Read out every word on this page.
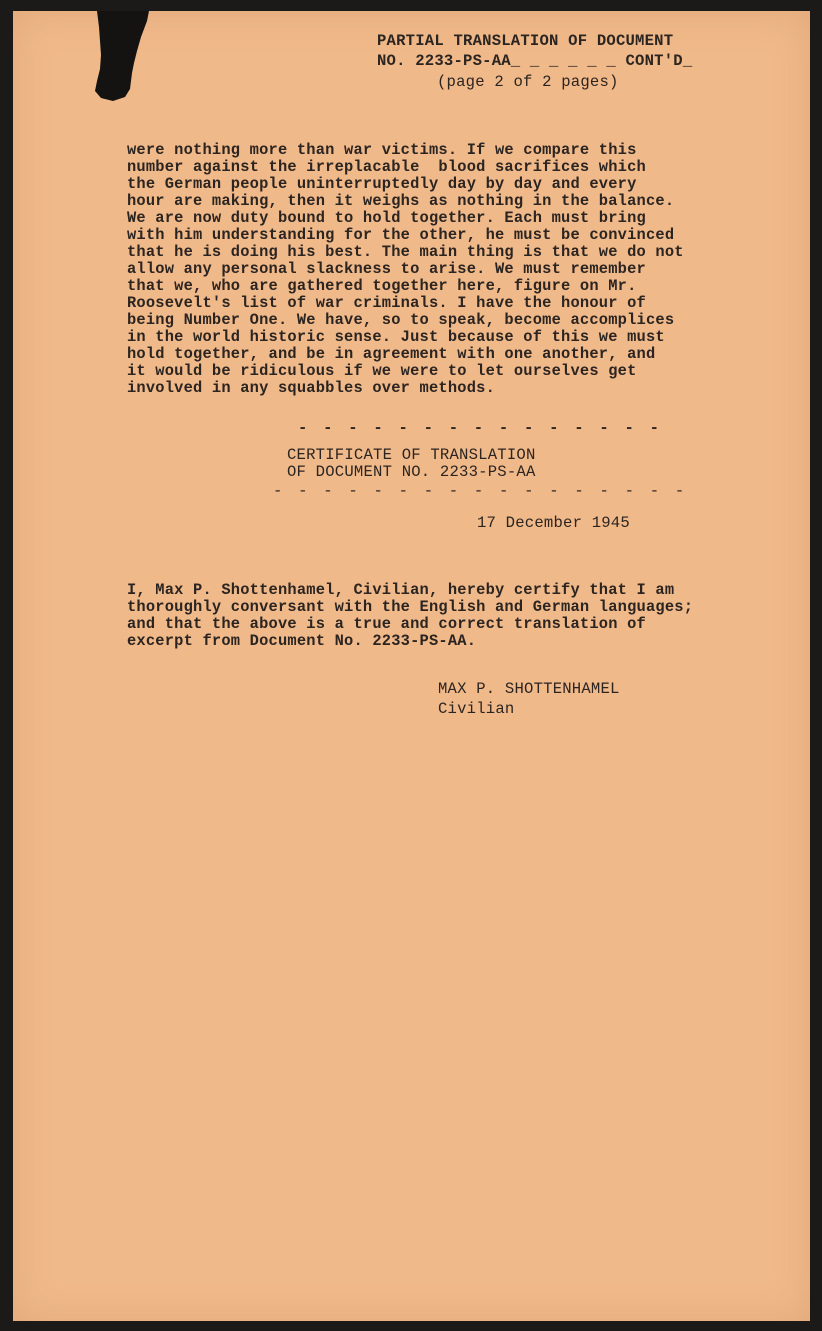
PARTIAL TRANSLATION OF DOCUMENT

NO. 2233-PS-AA_ _ _ _ _ _ CONT'D_

(page 2 of 2 pages)

were nothing more than war victims. If we compare this
number against the irreplacable  blood sacrifices which
the German people uninterruptedly day by day and every
hour are making, then it weighs as nothing in the balance.
We are now duty bound to hold together. Each must bring
with him understanding for the other, he must be convinced
that he is doing his best. The main thing is that we do not
allow any personal slackness to arise. We must remember
that we, who are gathered together here, figure on Mr.
Roosevelt's list of war criminals. I have the honour of
being Number One. We have, so to speak, become accomplices
in the world historic sense. Just because of this we must
hold together, and be in agreement with one another, and
it would be ridiculous if we were to let ourselves get
involved in any squabbles over methods.

- - - - - - - - - - - - - - -

CERTIFICATE OF TRANSLATION

OF DOCUMENT NO. 2233-PS-AA

- - - - - - - - - - - - - - - - -

17 December 1945

I, Max P. Shottenhamel, Civilian, hereby certify that I am
thoroughly conversant with the English and German languages;
and that the above is a true and correct translation of
excerpt from Document No. 2233-PS-AA.

MAX P. SHOTTENHAMEL

Civilian
